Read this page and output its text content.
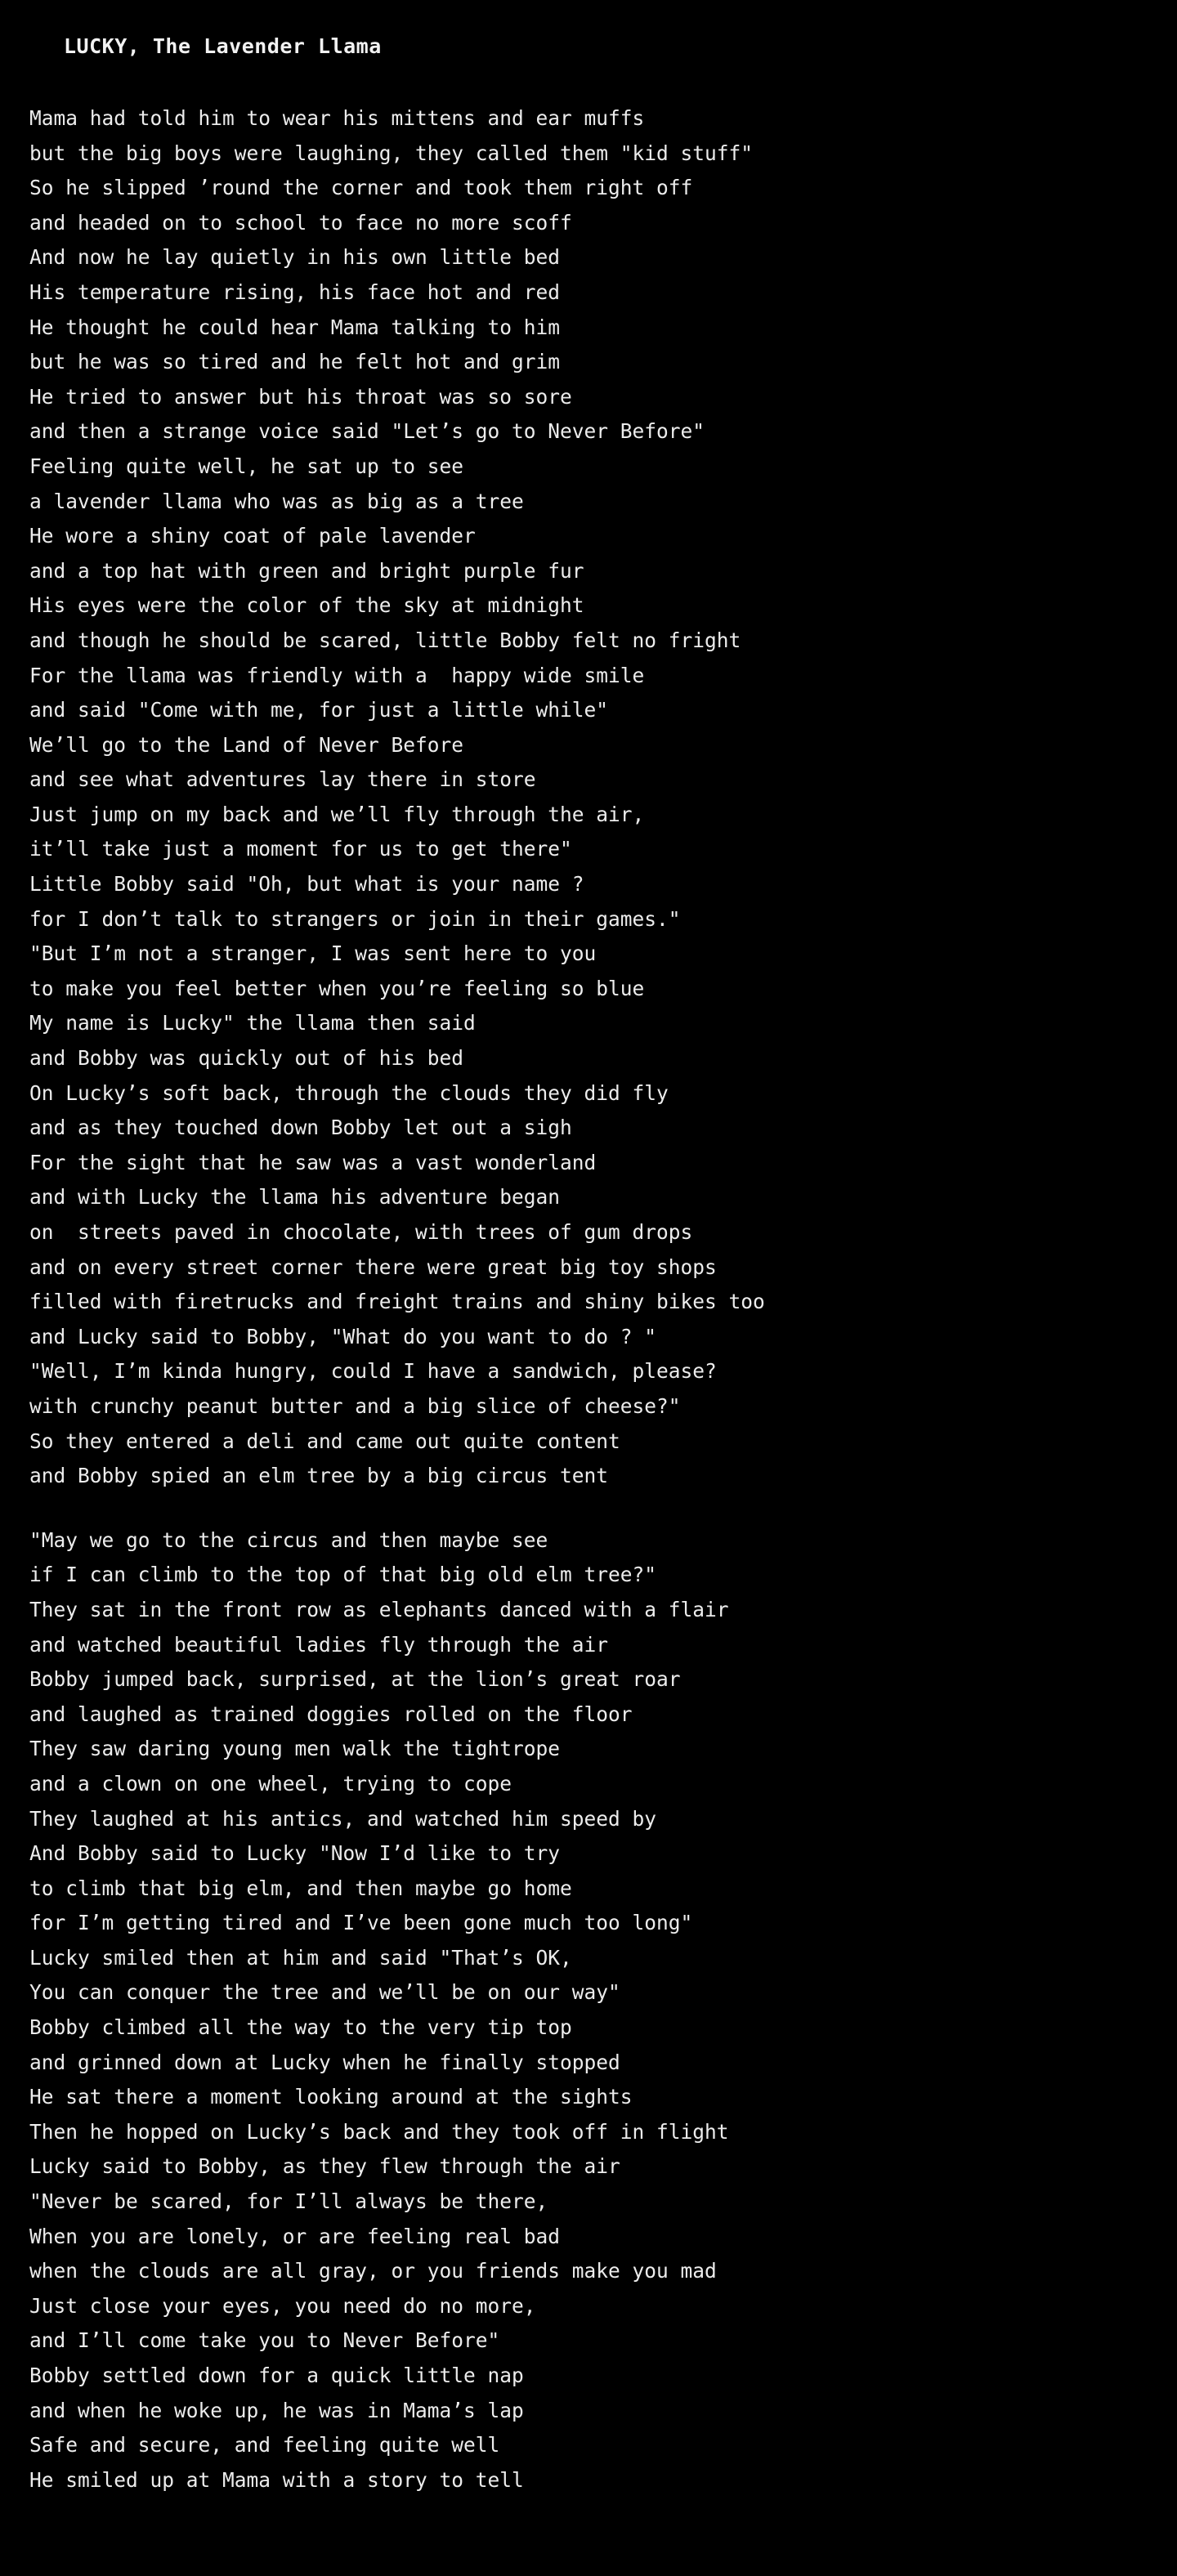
LUCKY, The Lavender Llama
Mama had told him to wear his mittens and ear muffs
but the big boys were laughing, they called them "kid stuff"
So he slipped ’round the corner and took them right off
and headed on to school to face no more scoff
And now he lay quietly in his own little bed
His temperature rising, his face hot and red
He thought he could hear Mama talking to him
but he was so tired and he felt hot and grim
He tried to answer but his throat was so sore
and then a strange voice said "Let’s go to Never Before"
Feeling quite well, he sat up to see
a lavender llama who was as big as a tree
He wore a shiny coat of pale lavender
and a top hat with green and bright purple fur
His eyes were the color of the sky at midnight
and though he should be scared, little Bobby felt no fright
For the llama was friendly with a  happy wide smile
and said "Come with me, for just a little while"
We’ll go to the Land of Never Before
and see what adventures lay there in store
Just jump on my back and we’ll fly through the air,
it’ll take just a moment for us to get there"
Little Bobby said "Oh, but what is your name ?
for I don’t talk to strangers or join in their games."
"But I’m not a stranger, I was sent here to you
to make you feel better when you’re feeling so blue
My name is Lucky" the llama then said
and Bobby was quickly out of his bed
On Lucky’s soft back, through the clouds they did fly
and as they touched down Bobby let out a sigh
For the sight that he saw was a vast wonderland
and with Lucky the llama his adventure began
on  streets paved in chocolate, with trees of gum drops
and on every street corner there were great big toy shops
filled with firetrucks and freight trains and shiny bikes too
and Lucky said to Bobby, "What do you want to do ? "
"Well, I’m kinda hungry, could I have a sandwich, please?
with crunchy peanut butter and a big slice of cheese?"
So they entered a deli and came out quite content
and Bobby spied an elm tree by a big circus tent
"May we go to the circus and then maybe see
if I can climb to the top of that big old elm tree?"
They sat in the front row as elephants danced with a flair
and watched beautiful ladies fly through the air
Bobby jumped back, surprised, at the lion’s great roar
and laughed as trained doggies rolled on the floor
They saw daring young men walk the tightrope
and a clown on one wheel, trying to cope
They laughed at his antics, and watched him speed by
And Bobby said to Lucky "Now I’d like to try
to climb that big elm, and then maybe go home
for I’m getting tired and I’ve been gone much too long"
Lucky smiled then at him and said "That’s OK,
You can conquer the tree and we’ll be on our way"
Bobby climbed all the way to the very tip top
and grinned down at Lucky when he finally stopped
He sat there a moment looking around at the sights
Then he hopped on Lucky’s back and they took off in flight
Lucky said to Bobby, as they flew through the air
"Never be scared, for I’ll always be there,
When you are lonely, or are feeling real bad
when the clouds are all gray, or you friends make you mad
Just close your eyes, you need do no more,
and I’ll come take you to Never Before"
Bobby settled down for a quick little nap
and when he woke up, he was in Mama’s lap
Safe and secure, and feeling quite well
He smiled up at Mama with a story to tell
